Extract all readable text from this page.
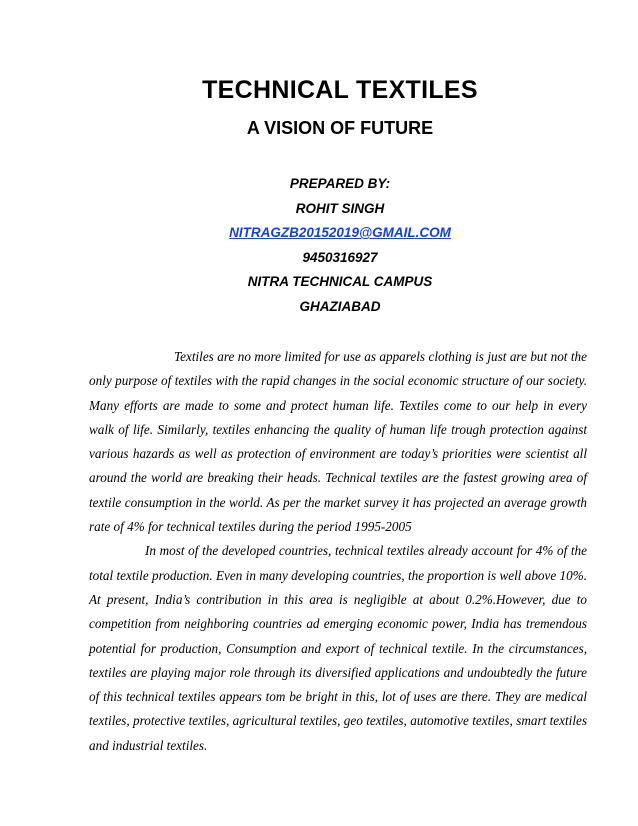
TECHNICAL TEXTILES
A VISION OF FUTURE
PREPARED BY:
ROHIT SINGH
NITRAGZB20152019@GMAIL.COM
9450316927
NITRA TECHNICAL CAMPUS
GHAZIABAD

Textiles are no more limited for use as apparels clothing is just are but not the only purpose of textiles with the rapid changes in the social economic structure of our society. Many efforts are made to some and protect human life. Textiles come to our help in every walk of life. Similarly, textiles enhancing the quality of human life trough protection against various hazards as well as protection of environment are today’s priorities were scientist all around the world are breaking their heads. Technical textiles are the fastest growing area of textile consumption in the world. As per the market survey it has projected an average growth rate of 4% for technical textiles during the period 1995-2005

In most of the developed countries, technical textiles already account for 4% of the total textile production. Even in many developing countries, the proportion is well above 10%. At present, India’s contribution in this area is negligible at about 0.2%.However, due to competition from neighboring countries ad emerging economic power, India has tremendous potential for production, Consumption and export of technical textile. In the circumstances, textiles are playing major role through its diversified applications and undoubtedly the future of this technical textiles appears tom be bright in this, lot of uses are there. They are medical textiles, protective textiles, agricultural textiles, geo textiles, automotive textiles, smart textiles and industrial textiles.
